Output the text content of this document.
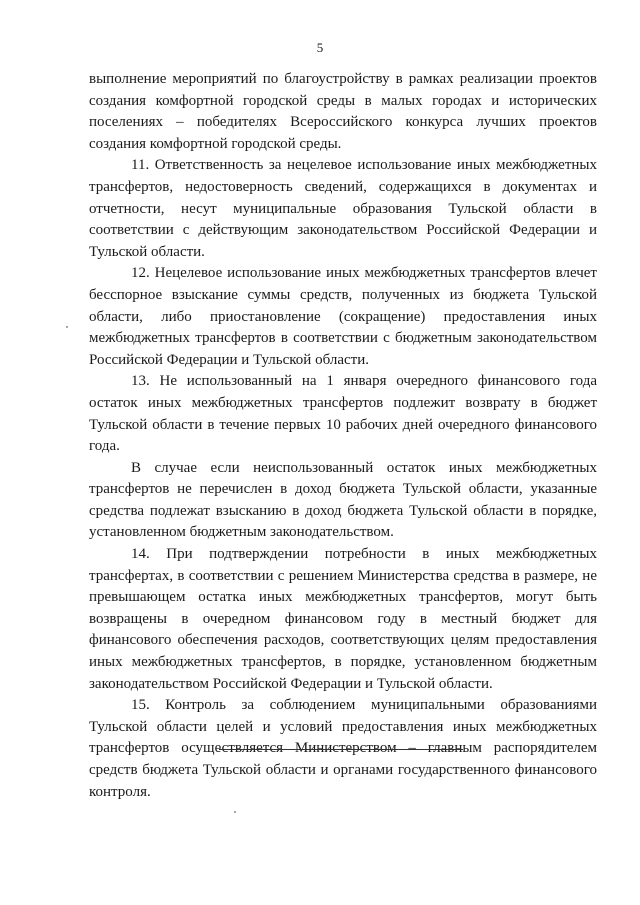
5

выполнение мероприятий по благоустройству в рамках реализации проектов создания комфортной городской среды в малых городах и исторических поселениях – победителях Всероссийского конкурса лучших проектов создания комфортной городской среды.

11. Ответственность за нецелевое использование иных межбюджетных трансфертов, недостоверность сведений, содержащихся в документах и отчетности, несут муниципальные образования Тульской области в соответствии с действующим законодательством Российской Федерации и Тульской области.

12. Нецелевое использование иных межбюджетных трансфертов влечет бесспорное взыскание суммы средств, полученных из бюджета Тульской области, либо приостановление (сокращение) предоставления иных межбюджетных трансфертов в соответствии с бюджетным законодательством Российской Федерации и Тульской области.

13. Не использованный на 1 января очередного финансового года остаток иных межбюджетных трансфертов подлежит возврату в бюджет Тульской области в течение первых 10 рабочих дней очередного финансового года.

В случае если неиспользованный остаток иных межбюджетных трансфертов не перечислен в доход бюджета Тульской области, указанные средства подлежат взысканию в доход бюджета Тульской области в порядке, установленном бюджетным законодательством.

14. При подтверждении потребности в иных межбюджетных трансфертах, в соответствии с решением Министерства средства в размере, не превышающем остатка иных межбюджетных трансфертов, могут быть возвращены в очередном финансовом году в местный бюджет для финансового обеспечения расходов, соответствующих целям предоставления иных межбюджетных трансфертов, в порядке, установленном бюджетным законодательством Российской Федерации и Тульской области.

15. Контроль за соблюдением муниципальными образованиями Тульской области целей и условий предоставления иных межбюджетных трансфертов осуществляется Министерством – главным распорядителем средств бюджета Тульской области и органами государственного финансового контроля.
